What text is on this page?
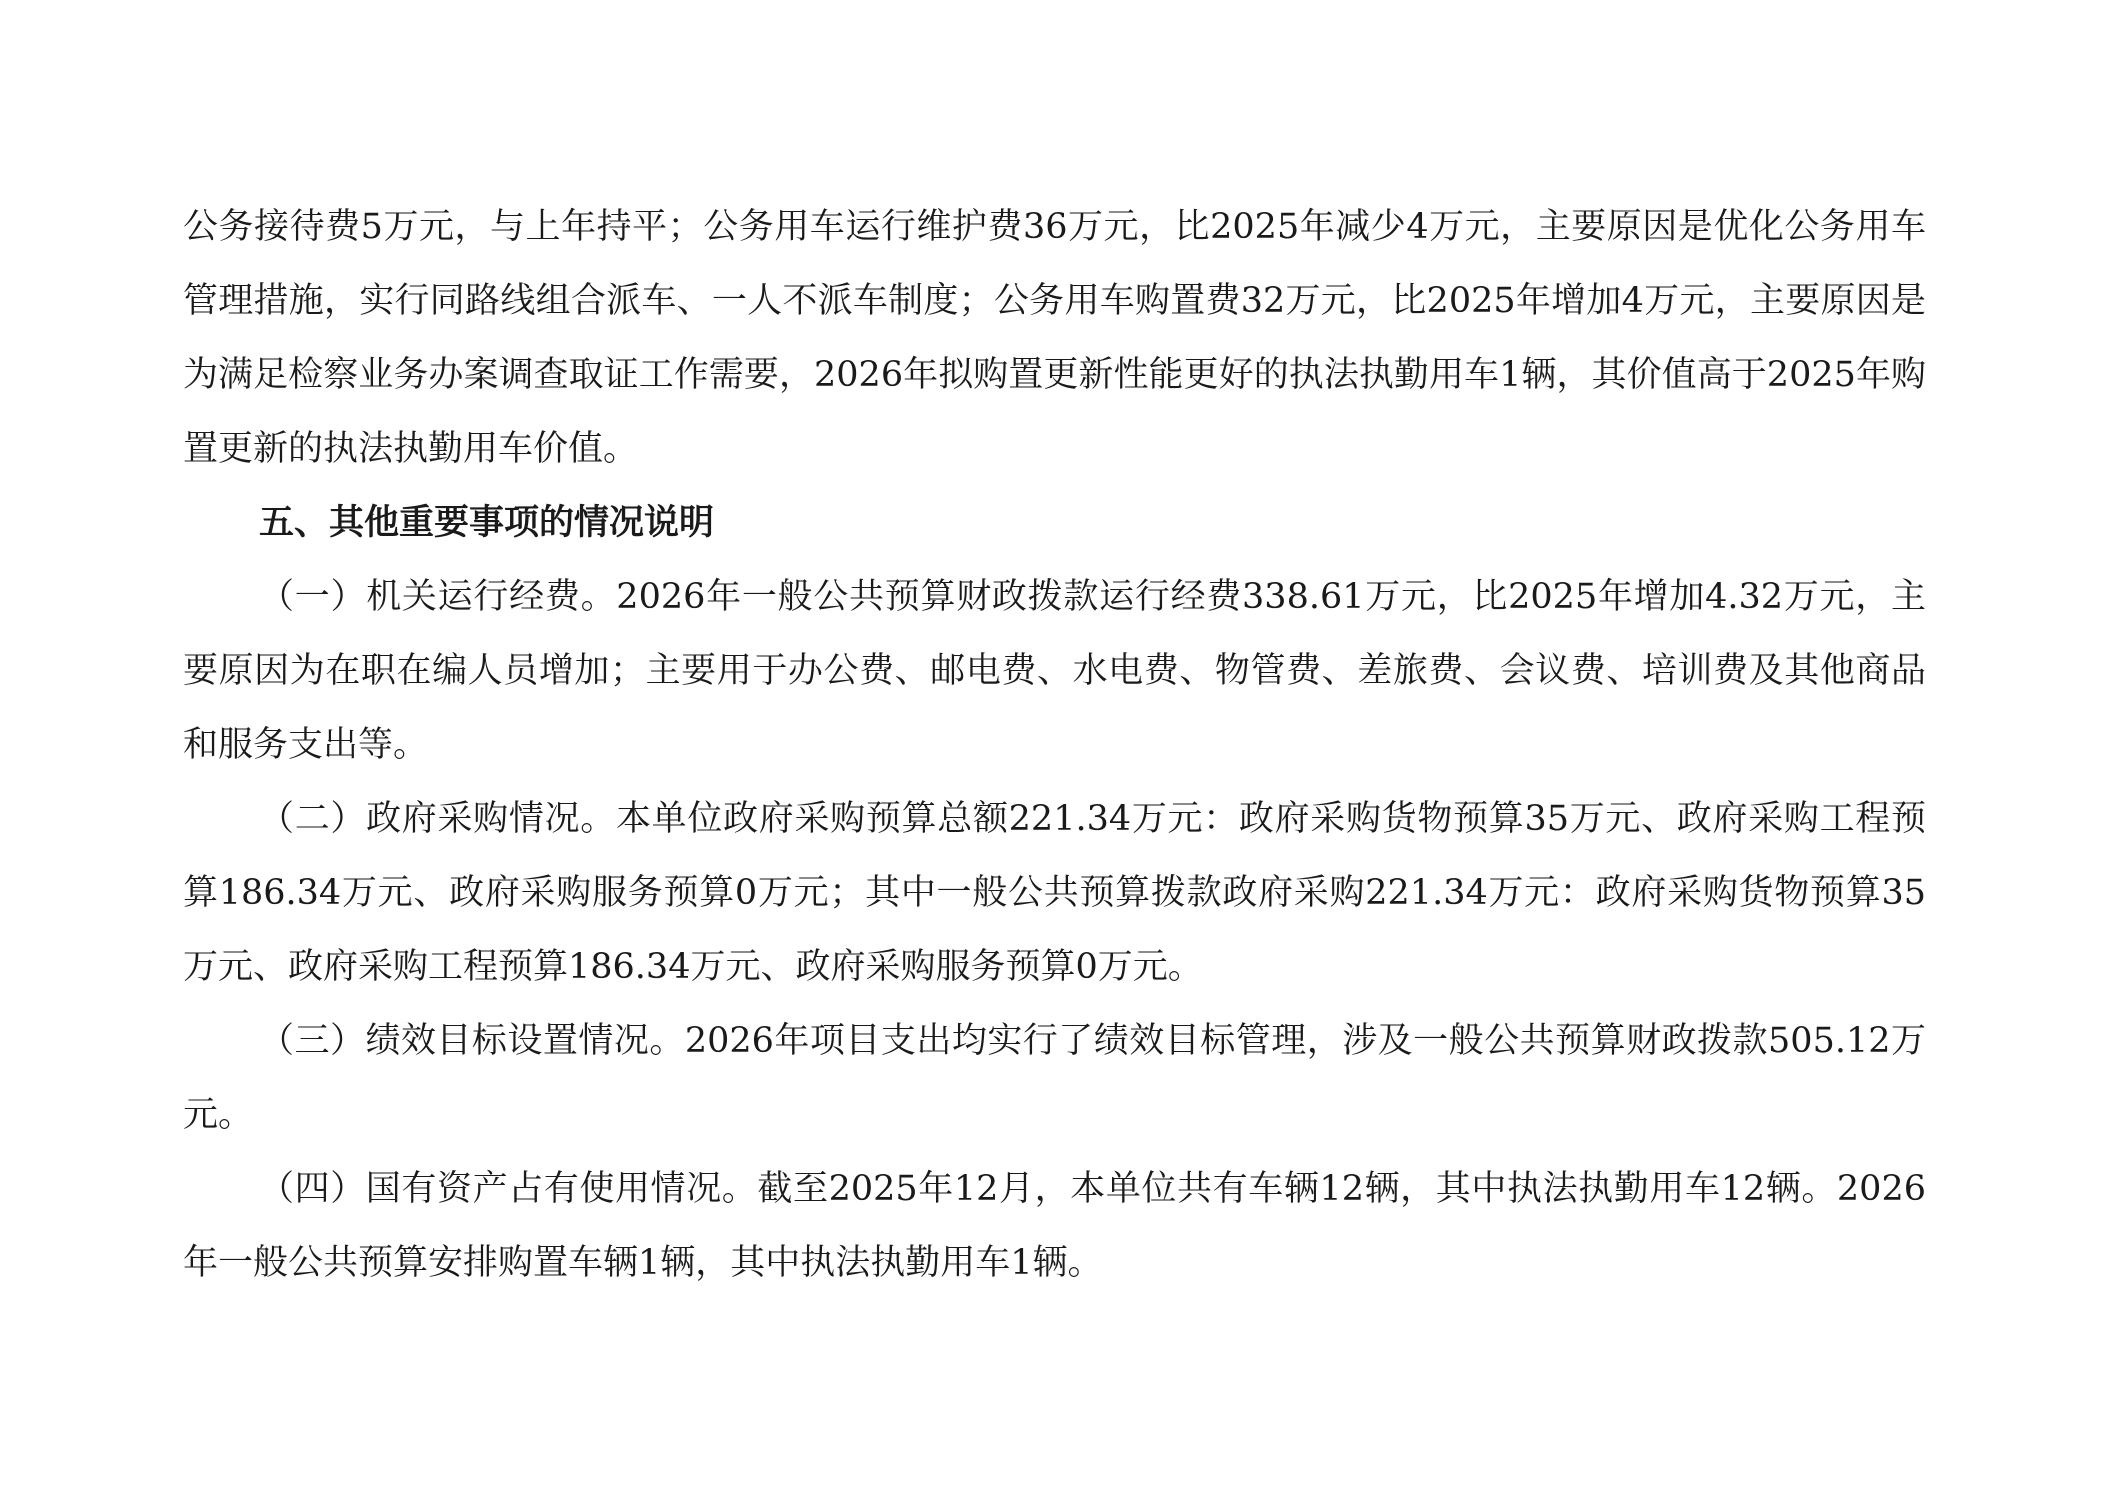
公务接待费5万元，与上年持平；公务用车运行维护费36万元，比2025年减少4万元，主要原因是优化公务用车管理措施，实行同路线组合派车、一人不派车制度；公务用车购置费32万元，比2025年增加4万元，主要原因是为满足检察业务办案调查取证工作需要，2026年拟购置更新性能更好的执法执勤用车1辆，其价值高于2025年购置更新的执法执勤用车价值。

五、其他重要事项的情况说明

（一）机关运行经费。2026年一般公共预算财政拨款运行经费338.61万元，比2025年增加4.32万元，主要原因为在职在编人员增加；主要用于办公费、邮电费、水电费、物管费、差旅费、会议费、培训费及其他商品和服务支出等。

（二）政府采购情况。本单位政府采购预算总额221.34万元：政府采购货物预算35万元、政府采购工程预算186.34万元、政府采购服务预算0万元；其中一般公共预算拨款政府采购221.34万元：政府采购货物预算35万元、政府采购工程预算186.34万元、政府采购服务预算0万元。

（三）绩效目标设置情况。2026年项目支出均实行了绩效目标管理，涉及一般公共预算财政拨款505.12万元。

（四）国有资产占有使用情况。截至2025年12月，本单位共有车辆12辆，其中执法执勤用车12辆。2026年一般公共预算安排购置车辆1辆，其中执法执勤用车1辆。
